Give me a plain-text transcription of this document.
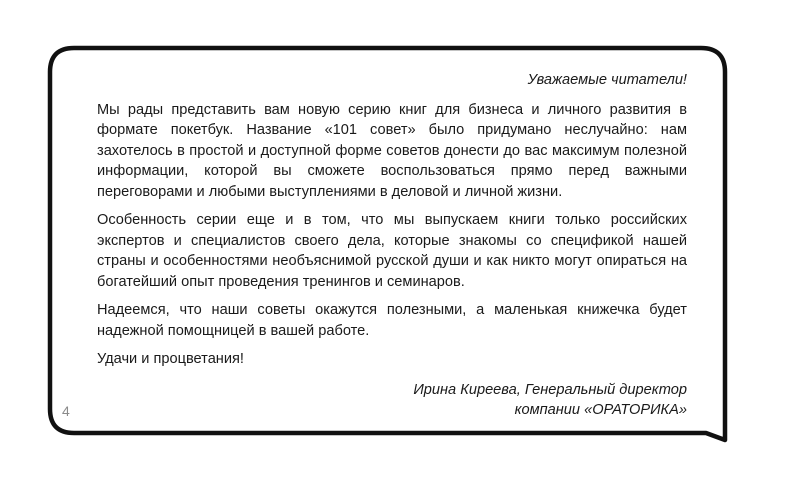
Уважаемые читатели!

Мы рады представить вам новую серию книг для бизнеса и личного развития в формате покетбук. Название «101 совет» было придумано неслучайно: нам захотелось в простой и доступной форме советов донести до вас максимум полезной информации, которой вы сможете воспользоваться прямо перед важными переговорами и любыми выступлениями в деловой и личной жизни.

Особенность серии еще и в том, что мы выпускаем книги только российских экспертов и специалистов своего дела, которые знакомы со спецификой нашей страны и особенностями необъяснимой русской души и как никто могут опираться на богатейший опыт проведения тренингов и семинаров.

Надеемся, что наши советы окажутся полезными, а маленькая книжечка будет надежной помощницей в вашей работе.

Удачи и процветания!

Ирина Киреева, Генеральный директор
компании «ОРАТОРИКА»
4
